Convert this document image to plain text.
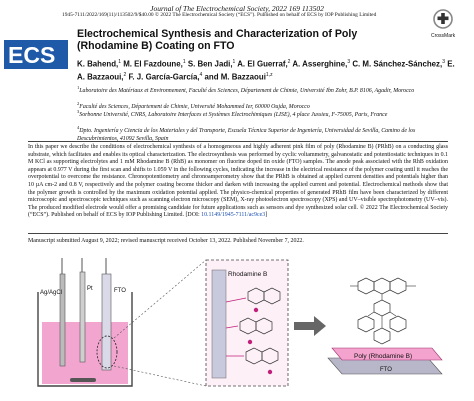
Journal of The Electrochemical Society, 2022 169 113502
1945-7111/2022/169(11)/113502/9/$40.00 © 2022 The Electrochemical Society (“ECS”). Published on behalf of ECS by IOP Publishing Limited
ECS
CrossMark
Electrochemical Synthesis and Characterization of Poly
(Rhodamine B) Coating on FTO
K. Bahend,$^1$ M. El Fazdoune,$^1$ S. Ben Jadi,$^1$ A. El Guerraf,$^2$ A. Asserghine,$^3$ C. M. Sánchez-Sánchez,$^3$ E. A. Bazzaoui,$^2$ F. J. García-García,$^4$ and M. Bazzaoui$^{1,z}$
$^1$Laboratoire des Matériaux et Environnement, Faculté des Sciences, Département de Chimie, Université Ibn Zohr, B.P. 8106, Agadir, Morocco
$^2$Faculté des Sciences, Département de Chimie, Université Mohammed Ier, 60000 Oujda, Morocco
$^3$Sorbonne Université, CNRS, Laboratoire Interfaces et Systèmes Electrochimiques (LISE), 4 place Jussieu, F-75005, Paris, France
$^4$Dpto. Ingeniería y Ciencia de los Materiales y del Transporte, Escuela Técnica Superior de Ingeniería, Universidad de Sevilla, Camino de los Descubrimientos, 41092 Sevilla, Spain
In this paper we describe the conditions of electrochemical synthesis of a homogeneous and highly adherent pink film of poly (Rhodamine B) (PRhB) on a conducting glass substrate, which facilitates and enables its optical characterization. The electrosynthesis was performed by cyclic voltammetry, galvanostatic and potentiostatic techniques in 0.1 M KCl as supporting electrolytes and 1 mM Rhodamine B (RhB) as monomer on fluorine doped tin oxide (FTO) samples. The anode peak associated with the RhB oxidation appears at 0.977 V during the first scan and shifts to 1.059 V in the following cycles, indicating the increase in the electrical resistance of the polymer coating until it reaches the overpotential to overcome the resistance. Chronopotentiometry and chronoamperometry show that the PRhB is obtained at applied current densities and potentials higher than 10 µA cm-2 and 0.8 V, respectively and the polymer coating become thicker and darken with increasing the applied current and potential. Electrochemical methods show that the polymer growth is controlled by the maximum oxidation potential applied. The physico-chemical properties of generated PRhB film have been characterized by different microscopic and spectroscopic techniques such as scanning electron microscopy (SEM), X-ray photoelectron spectroscopy (XPS) and UV–visible spectrophotometry (UV–vis). The produced modified electrode would offer a promising candidate for future applications such as sensors and dye synthesized solar cell. © 2022 The Electrochemical Society (“ECS”). Published on behalf of ECS by IOP Publishing Limited. [DOI: 10.1149/1945-7111/ac9ce3]
Manuscript submitted August 9, 2022; revised manuscript received October 13, 2022. Published November 7, 2022.
Ag/AgCl
Pt	FTO
Rhodamine B
Poly (Rhodamine B)
FTO
